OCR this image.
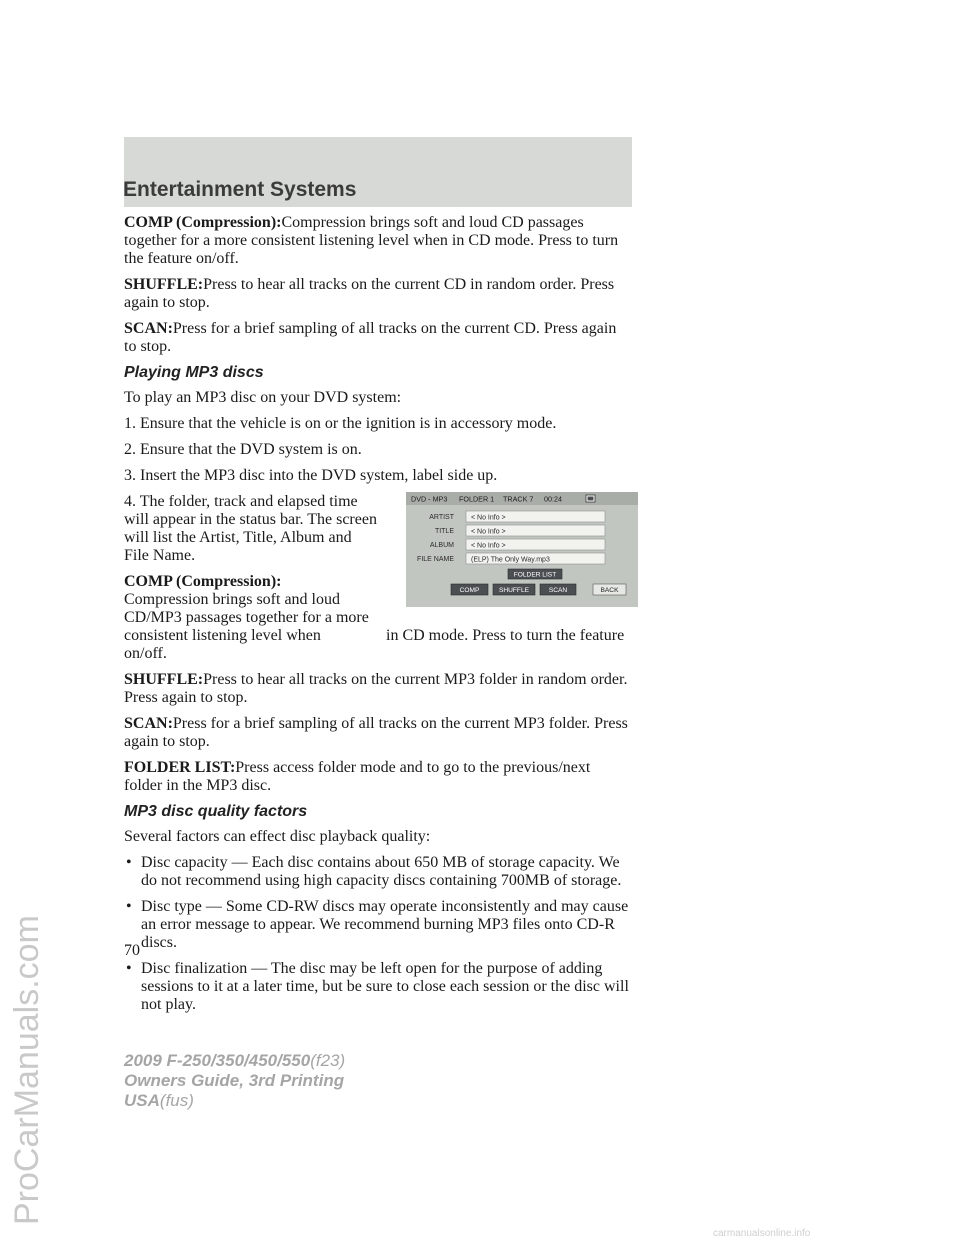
Entertainment Systems

COMP (Compression):Compression brings soft and loud CD passages together for a more consistent listening level when in CD mode. Press to turn the feature on/off.

SHUFFLE:Press to hear all tracks on the current CD in random order. Press again to stop.

SCAN:Press for a brief sampling of all tracks on the current CD. Press again to stop.

Playing MP3 discs

To play an MP3 disc on your DVD system:

1. Ensure that the vehicle is on or the ignition is in accessory mode.

2. Ensure that the DVD system is on.

3. Insert the MP3 disc into the DVD system, label side up.

4. The folder, track and elapsed time will appear in the status bar. The screen will list the Artist, Title, Album and File Name.

COMP (Compression):
Compression brings soft and loud CD/MP3 passages together for a more consistent listening level when	in CD mode. Press to turn the feature on/off.

DVD - MP3 FOLDER 1 TRACK 7 00:24
ARTIST < No Info >
TITLE < No Info >
ALBUM < No Info >
FILE NAME (ELP) The Only Way.mp3
FOLDER LIST
COMP	SHUFFLE	SCAN	BACK

SHUFFLE:Press to hear all tracks on the current MP3 folder in random order. Press again to stop.

SCAN:Press for a brief sampling of all tracks on the current MP3 folder. Press again to stop.

FOLDER LIST:Press access folder mode and to go to the previous/next folder in the MP3 disc.

MP3 disc quality factors

Several factors can effect disc playback quality:

• Disc capacity — Each disc contains about 650 MB of storage capacity. We do not recommend using high capacity discs containing 700MB of storage.
• Disc type — Some CD-RW discs may operate inconsistently and may cause an error message to appear. We recommend burning MP3 files onto CD-R discs.
• Disc finalization — The disc may be left open for the purpose of adding sessions to it at a later time, but be sure to close each session or the disc will not play.
70
2009 F-250/350/450/550(f23)
Owners Guide, 3rd Printing
USA(fus)
ProCarManuals.com
carmanualsonline.info
